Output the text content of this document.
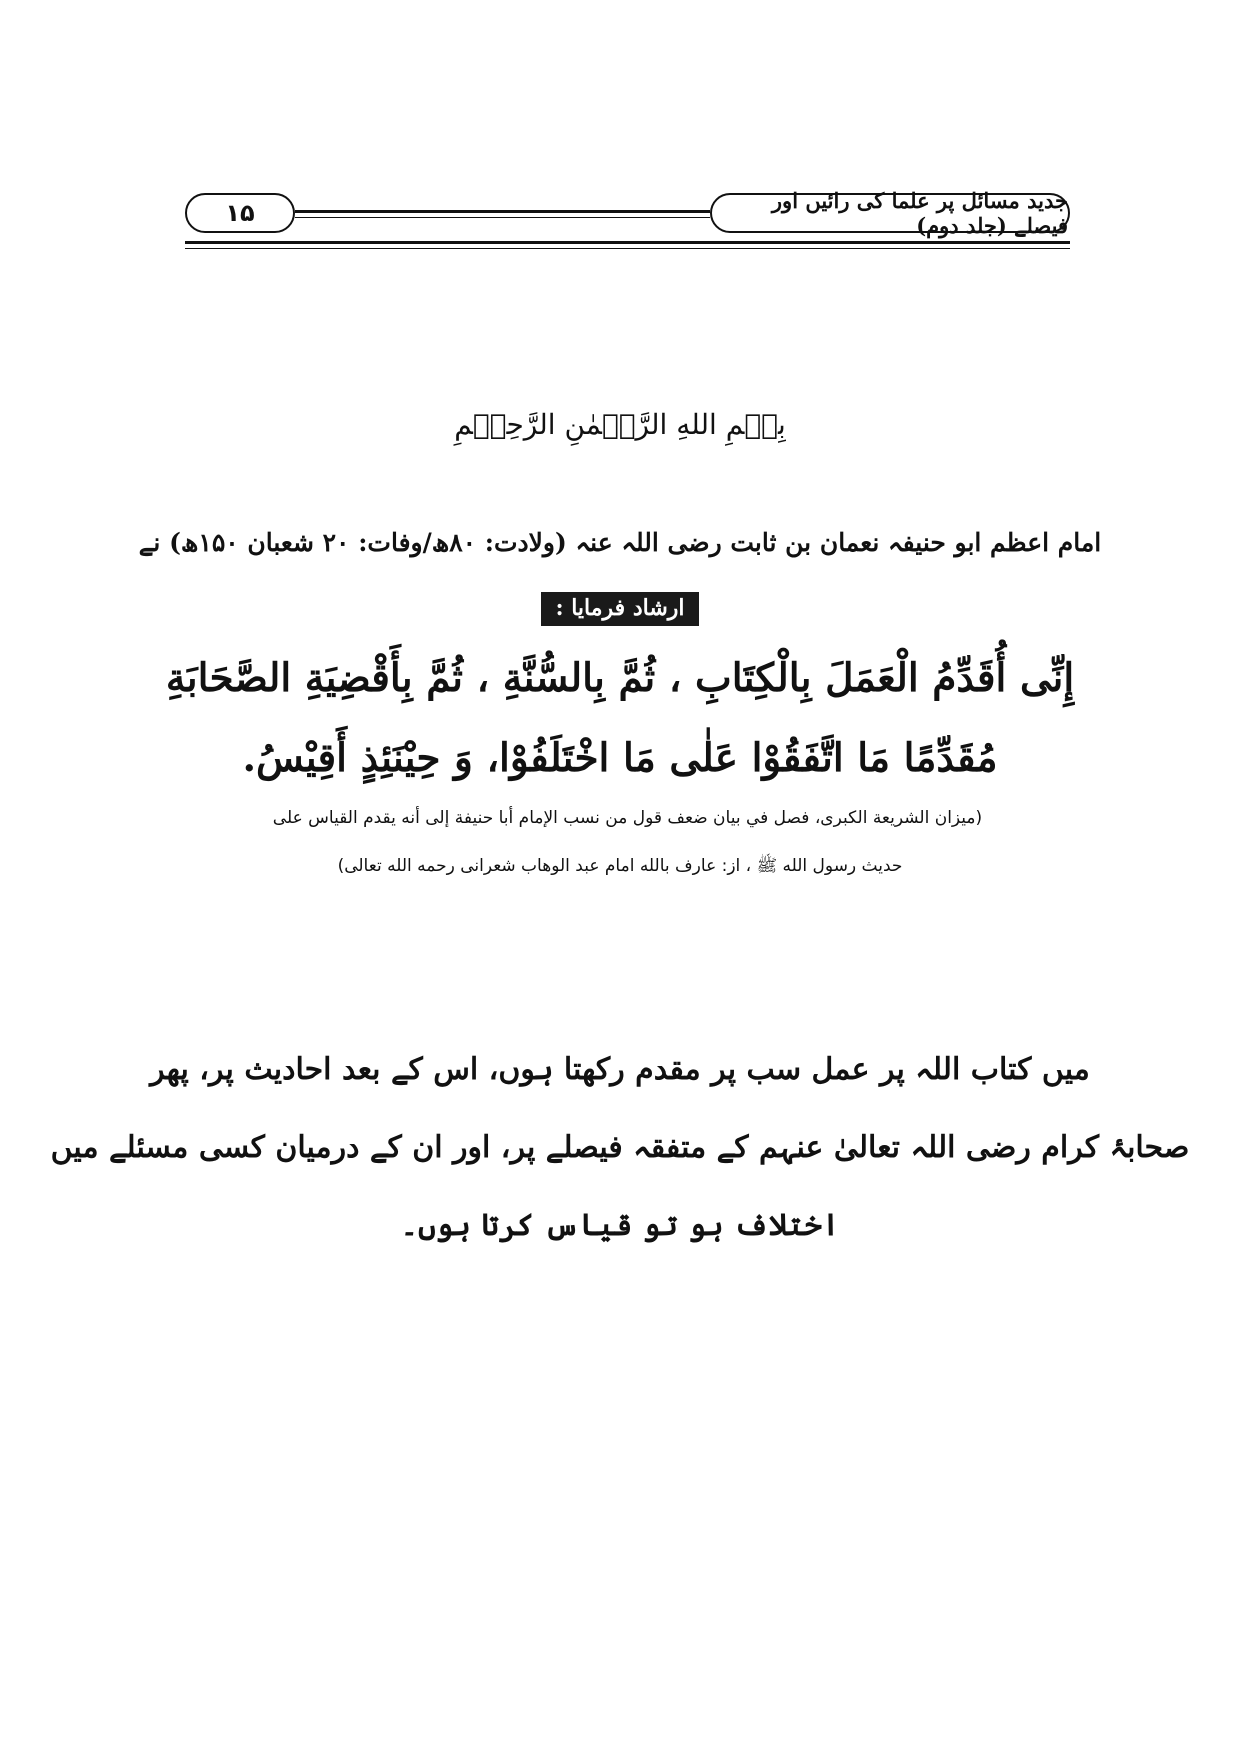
۱۵	جدید مسائل پر علما کی رائیں اور فیصلے (جلد دوم)
بِسۡمِ اللهِ الرَّحۡمٰنِ الرَّحِیۡمِ
امام اعظم ابو حنیفہ نعمان بن ثابت رضی اللہ عنہ (ولادت: ۸۰ھ/وفات: ۲۰ شعبان ۱۵۰ھ) نے
ارشاد فرمایا :
إِنِّی أُقَدِّمُ الْعَمَلَ بِالْکِتَابِ ، ثُمَّ بِالسُّنَّةِ ، ثُمَّ بِأَقْضِیَةِ الصَّحَابَةِ
مُقَدِّمًا مَا اتَّفَقُوْا عَلٰی مَا اخْتَلَفُوْا، وَ حِیْنَئِذٍ أَقِیْسُ.
(میزان الشریعة الکبری، فصل في بیان ضعف قول من نسب الإمام أبا حنیفة إلى أنه یقدم القیاس على
حدیث رسول الله ﷺ ، از: عارف بالله امام عبد الوهاب شعرانی رحمه الله تعالی)
میں کتاب اللہ پر عمل سب پر مقدم رکھتا ہوں، اس کے بعد احادیث پر، پھر
صحابۂ کرام رضی اللہ تعالیٰ عنہم کے متفقہ فیصلے پر، اور ان کے درمیان کسی مسئلے میں
اختلاف ہو تو قیاس کرتا ہوں۔
